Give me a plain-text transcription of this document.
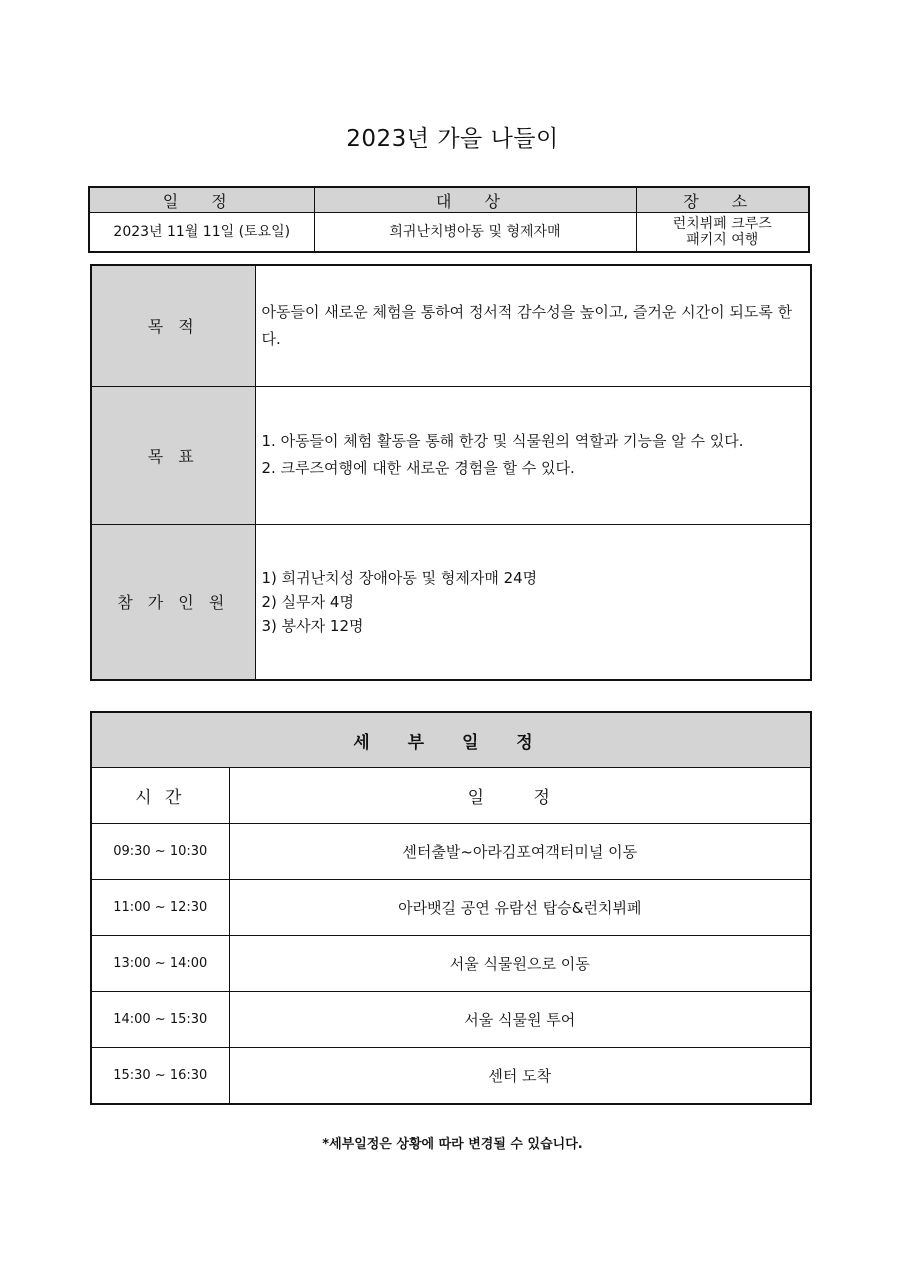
2023년 가을 나들이
일 정	대 상	장 소
2023년 11월 11일 (토요일)	희귀난치병아동 및 형제자매	런치뷔페 크루즈
패키지 여행
목 적	아동들이 새로운 체험을 통하여 정서적 감수성을 높이고, 즐거운 시간이 되도록 한다.
목 표	1. 아동들이 체험 활동을 통해 한강 및 식물원의 역할과 기능을 알 수 있다.
2. 크루즈여행에 대한 새로운 경험을 할 수 있다.

참 가 인 원	1) 희귀난치성 장애아동 및 형제자매 24명
2) 실무자 4명
3) 봉사자 12명
세 부 일 정	
시 간	일 정
09:30 ~ 10:30	센터출발~아라김포여객터미널 이동
11:00 ~ 12:30	아라뱃길 공연 유람선 탑승&런치뷔페
13:00 ~ 14:00	서울 식물원으로 이동
14:00 ~ 15:30	서울 식물원 투어
15:30 ~ 16:30	센터 도착
*세부일정은 상황에 따라 변경될 수 있습니다.
